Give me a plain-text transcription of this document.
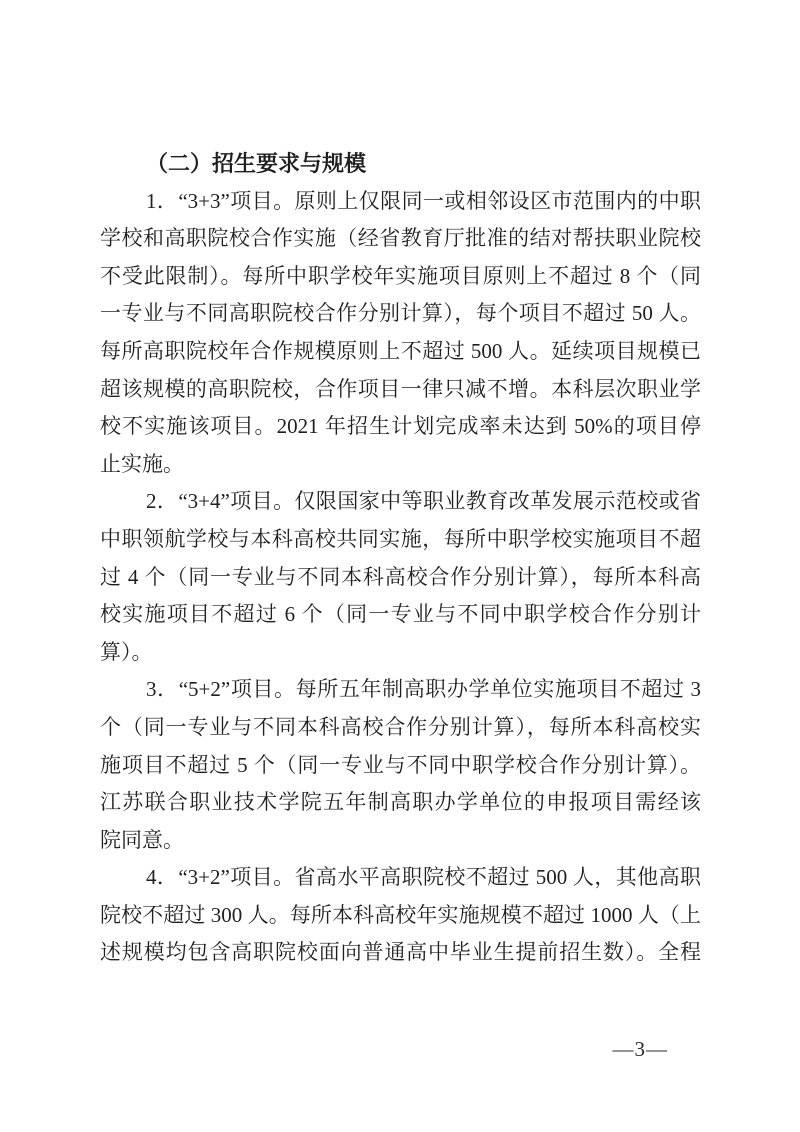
（二）招生要求与规模
1．“3+3”项目。原则上仅限同一或相邻设区市范围内的中职
学校和高职院校合作实施（经省教育厅批准的结对帮扶职业院校
不受此限制）。每所中职学校年实施项目原则上不超过 8 个（同
一专业与不同高职院校合作分别计算），每个项目不超过 50 人。
每所高职院校年合作规模原则上不超过 500 人。延续项目规模已
超该规模的高职院校，合作项目一律只减不增。本科层次职业学
校不实施该项目。2021 年招生计划完成率未达到 50%的项目停
止实施。
2．“3+4”项目。仅限国家中等职业教育改革发展示范校或省
中职领航学校与本科高校共同实施，每所中职学校实施项目不超
过 4 个（同一专业与不同本科高校合作分别计算），每所本科高
校实施项目不超过 6 个（同一专业与不同中职学校合作分别计
算）。
3．“5+2”项目。每所五年制高职办学单位实施项目不超过 3
个（同一专业与不同本科高校合作分别计算），每所本科高校实
施项目不超过 5 个（同一专业与不同中职学校合作分别计算）。
江苏联合职业技术学院五年制高职办学单位的申报项目需经该
院同意。
4．“3+2”项目。省高水平高职院校不超过 500 人，其他高职
院校不超过 300 人。每所本科高校年实施规模不超过 1000 人（上
述规模均包含高职院校面向普通高中毕业生提前招生数）。全程
—3—
